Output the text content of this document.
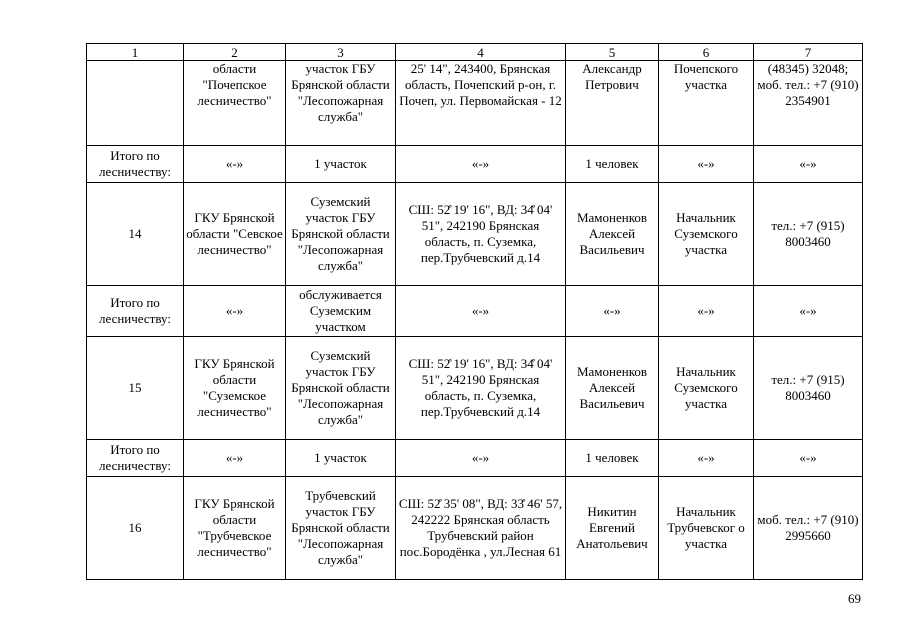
1	2	3	4	5	6	7
	области "Почепское лесничество"	участок ГБУ Брянской области "Лесопожарная служба"	25' 14", 243400, Брянская область, Почепский р-он, г. Почеп, ул. Первомайская - 12	Александр Петрович	Почепского участка	(48345) 32048; моб. тел.: +7 (910) 2354901
Итого по лесничеству:	«-»	1 участок	«-»	1 человек	«-»	«-»
14	ГКУ Брянской области "Севское лесничество"	Суземский участок ГБУ Брянской области "Лесопожарная служба"	СШ: 52̊ 19' 16", ВД: 34̊ 04' 51", 242190 Брянская область, п. Суземка, пер.Трубчевский д.14	Мамоненков Алексей Васильевич	Начальник Суземского участка	тел.: +7 (915) 8003460
Итого по лесничеству:	«-»	обслуживается Суземским участком	«-»	«-»	«-»	«-»
15	ГКУ Брянской области "Суземское лесничество"	Суземский участок ГБУ Брянской области "Лесопожарная служба"	СШ: 52̊ 19' 16", ВД: 34̊ 04' 51", 242190 Брянская область, п. Суземка, пер.Трубчевский д.14	Мамоненков Алексей Васильевич	Начальник Суземского участка	тел.: +7 (915) 8003460
Итого по лесничеству:	«-»	1 участок	«-»	1 человек	«-»	«-»
16	ГКУ Брянской области "Трубчевское лесничество"	Трубчевский участок ГБУ Брянской области "Лесопожарная служба"	СШ: 52̊ 35' 08", ВД: 33̊ 46' 57, 242222 Брянская область Трубчевский район пос.Бородёнка , ул.Лесная 61	Никитин Евгений Анатольевич	Начальник Трубчевског о участка	моб. тел.: +7 (910) 2995660
69
